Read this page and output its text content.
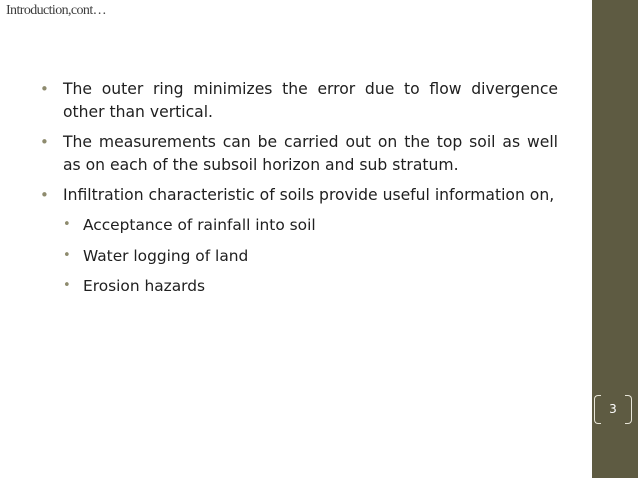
Introduction,cont…
• The outer ring minimizes the error due to flow divergence other than vertical.
• The measurements can be carried out on the top soil as well as on each of the subsoil horizon and sub stratum.
• Infiltration characteristic of soils provide useful information on,
• Acceptance of rainfall into soil
• Water logging of land
• Erosion hazards
3
